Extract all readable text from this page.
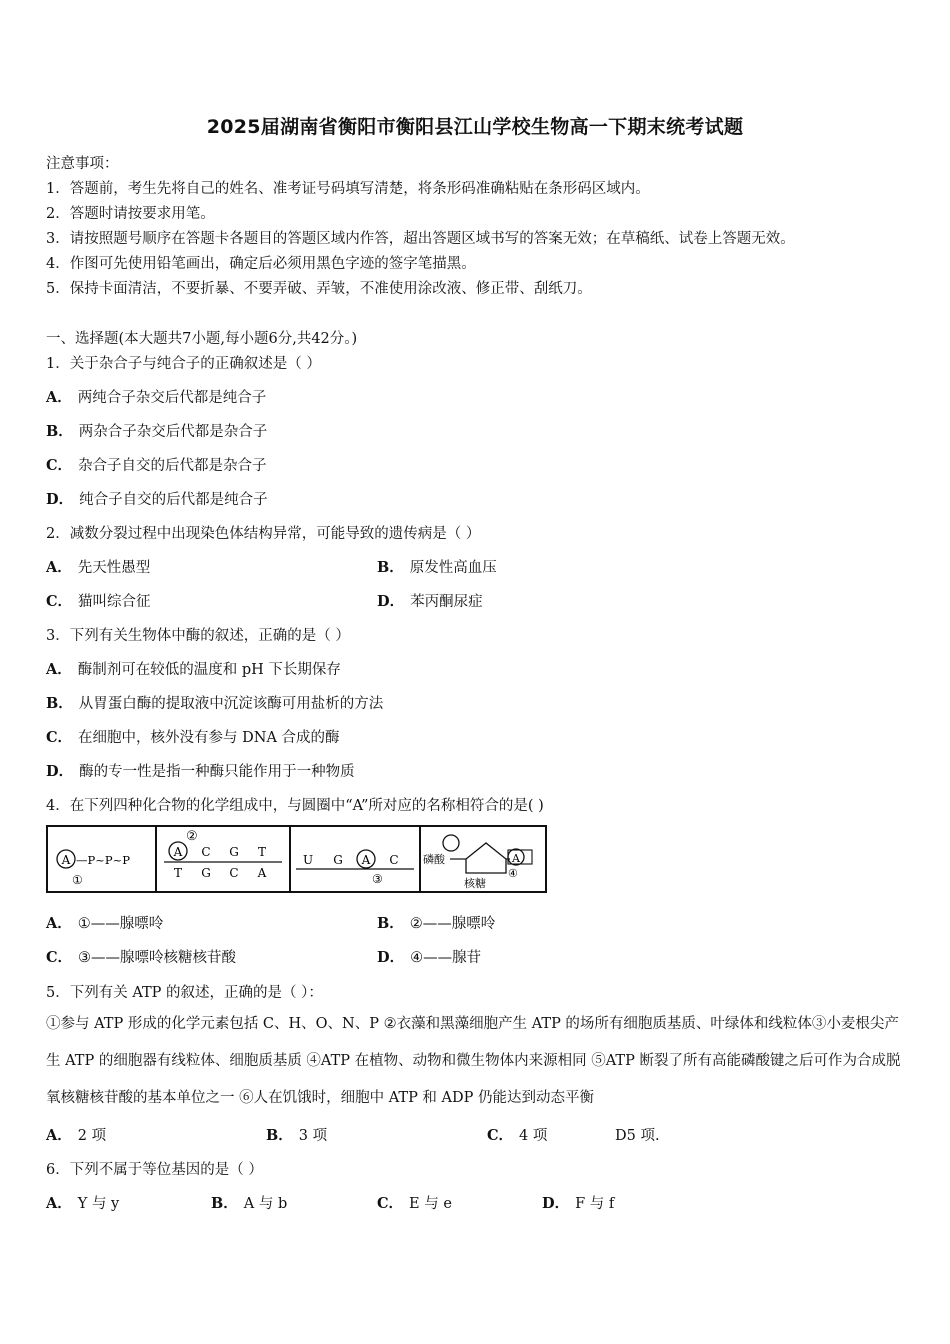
2025届湖南省衡阳市衡阳县江山学校生物高一下期末统考试题
注意事项：
1．答题前，考生先将自己的姓名、准考证号码填写清楚，将条形码准确粘贴在条形码区域内。
2．答题时请按要求用笔。
3．请按照题号顺序在答题卡各题目的答题区域内作答，超出答题区域书写的答案无效；在草稿纸、试卷上答题无效。
4．作图可先使用铅笔画出，确定后必须用黑色字迹的签字笔描黑。
5．保持卡面清洁，不要折暴、不要弄破、弄皱，不准使用涂改液、修正带、刮纸刀。
一、选择题(本大题共7小题,每小题6分,共42分。)
1．关于杂合子与纯合子的正确叙述是（ ）
A． 两纯合子杂交后代都是纯合子
B． 两杂合子杂交后代都是杂合子
C． 杂合子自交的后代都是杂合子
D． 纯合子自交的后代都是纯合子
2．减数分裂过程中出现染色体结构异常，可能导致的遗传病是（ ）
A． 先天性愚型	B． 原发性高血压
C． 猫叫综合征	D． 苯丙酮尿症
3．下列有关生物体中酶的叙述，正确的是（ ）
A． 酶制剂可在较低的温度和 pH 下长期保存
B． 从胃蛋白酶的提取液中沉淀该酶可用盐析的方法
C． 在细胞中，核外没有参与 DNA 合成的酶
D． 酶的专一性是指一种酶只能作用于一种物质
4．在下列四种化合物的化学组成中，与圆圈中“A”所对应的名称相符合的是( )
A —P~P~P
①
②
A C G T
T G C A
U G A C
③
磷酸	A
④
核糖
A． ①——腺嘌呤	B． ②——腺嘌呤
C． ③——腺嘌呤核糖核苷酸	D． ④——腺苷
5．下列有关 ATP 的叙述，正确的是（ ）：
①参与 ATP 形成的化学元素包括 C、H、O、N、P ②衣藻和黑藻细胞产生 ATP 的场所有细胞质基质、叶绿体和线粒体③小麦根尖产生 ATP 的细胞器有线粒体、细胞质基质 ④ATP 在植物、动物和微生物体内来源相同 ⑤ATP 断裂了所有高能磷酸键之后可作为合成脱氧核糖核苷酸的基本单位之一 ⑥人在饥饿时，细胞中 ATP 和 ADP 仍能达到动态平衡
A． 2 项	B． 3 项	C． 4 项	D5 项.
6．下列不属于等位基因的是（ ）
A． Y 与 y	B． A 与 b	C． E 与 e	D． F 与 f
